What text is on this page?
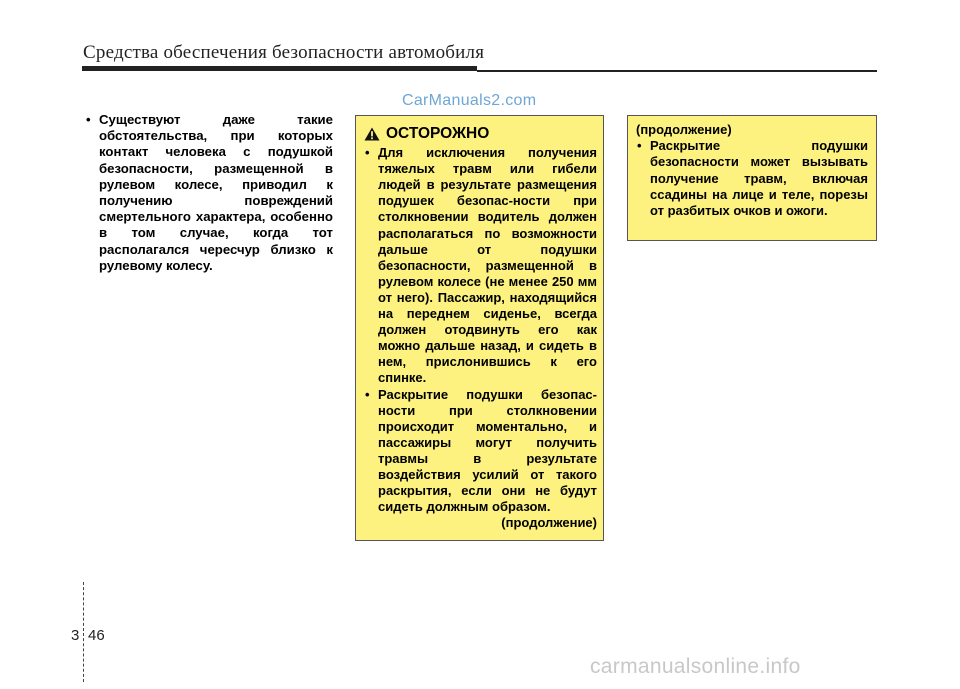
Средства обеспечения безопасности автомобиля
CarManuals2.com
• Существуют даже такие обстоятельства, при которых контакт человека с подушкой безопасности, размещенной в рулевом колесе, приводил к получению повреждений смертельного характера, особенно в том случае, когда тот располагался чересчур близко к рулевому колесу.
ОСТОРОЖНО
• Для исключения получения тяжелых травм или гибели людей в результате размещения подушек безопас-ности при столкновении водитель должен располагаться по возможности дальше от подушки безопасности, размещенной в рулевом колесе (не менее 250 мм от него). Пассажир, находящийся на переднем сиденье, всегда должен отодвинуть его как можно дальше назад, и сидеть в нем, прислонившись к его спинке.
• Раскрытие подушки безопас-ности при столкновении происходит моментально, и пассажиры могут получить травмы в результате воздействия усилий от такого раскрытия, если они не будут сидеть должным образом.
(продолжение)
(продолжение)
• Раскрытие подушки безопасности может вызывать получение травм, включая ссадины на лице и теле, порезы от разбитых очков и ожоги.
3 46
carmanualsonline.info
